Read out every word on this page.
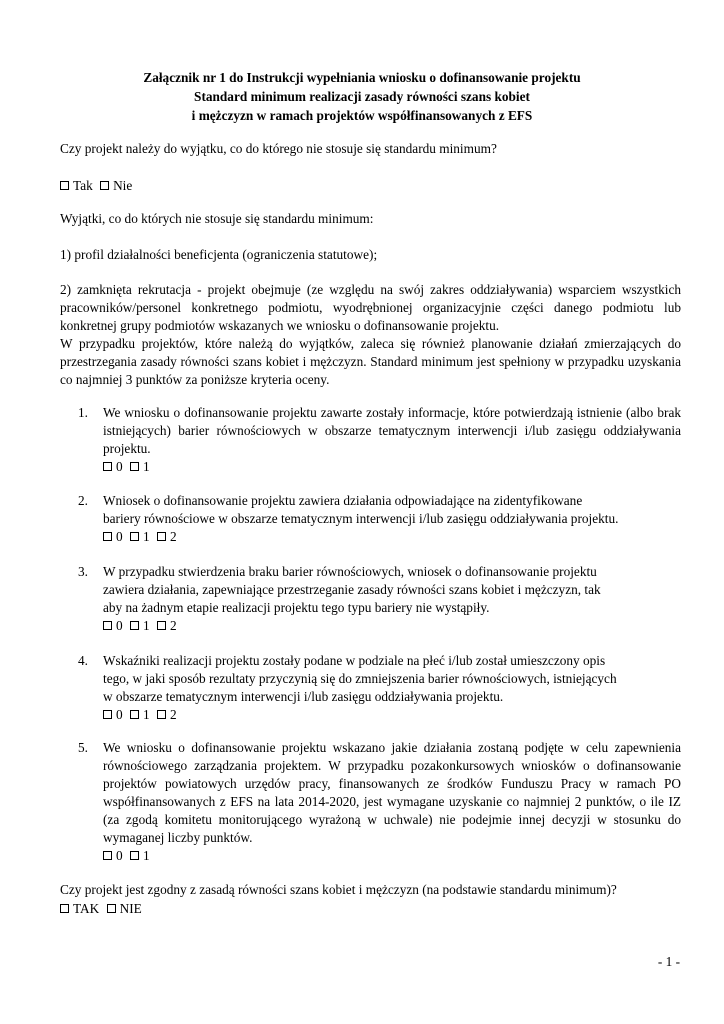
Załącznik nr 1 do Instrukcji wypełniania wniosku o dofinansowanie projektu
Standard minimum realizacji zasady równości szans kobiet
i mężczyzn w ramach projektów współfinansowanych z EFS
Czy projekt należy do wyjątku, co do którego nie stosuje się standardu minimum?
Tak Nie
Wyjątki, co do których nie stosuje się standardu minimum:
1) profil działalności beneficjenta (ograniczenia statutowe);
2) zamknięta rekrutacja - projekt obejmuje (ze względu na swój zakres oddziaływania) wsparciem wszystkich pracowników/personel konkretnego podmiotu, wyodrębnionej organizacyjnie części danego podmiotu lub konkretnej grupy podmiotów wskazanych we wniosku o dofinansowanie projektu.
W przypadku projektów, które należą do wyjątków, zaleca się również planowanie działań zmierzających do przestrzegania zasady równości szans kobiet i mężczyzn. Standard minimum jest spełniony w przypadku uzyskania co najmniej 3 punktów za poniższe kryteria oceny.
1.	We wniosku o dofinansowanie projektu zawarte zostały informacje, które potwierdzają istnienie (albo brak istniejących) barier równościowych w obszarze tematycznym interwencji i/lub zasięgu oddziaływania projektu.
0 1
2.	Wniosek o dofinansowanie projektu zawiera działania odpowiadające na zidentyfikowane
bariery równościowe w obszarze tematycznym interwencji i/lub zasięgu oddziaływania projektu.
0 1 2
3.	W przypadku stwierdzenia braku barier równościowych, wniosek o dofinansowanie projektu
zawiera działania, zapewniające przestrzeganie zasady równości szans kobiet i mężczyzn, tak
aby na żadnym etapie realizacji projektu tego typu bariery nie wystąpiły.
0 1 2
4.	Wskaźniki realizacji projektu zostały podane w podziale na płeć i/lub został umieszczony opis
tego, w jaki sposób rezultaty przyczynią się do zmniejszenia barier równościowych, istniejących
w obszarze tematycznym interwencji i/lub zasięgu oddziaływania projektu.
0 1 2
5.	We wniosku o dofinansowanie projektu wskazano jakie działania zostaną podjęte w celu zapewnienia równościowego zarządzania projektem. W przypadku pozakonkursowych wniosków o dofinansowanie projektów powiatowych urzędów pracy, finansowanych ze środków Funduszu Pracy w ramach PO współfinansowanych z EFS na lata 2014-2020, jest wymagane uzyskanie co najmniej 2 punktów, o ile IZ (za zgodą komitetu monitorującego wyrażoną w uchwale) nie podejmie innej decyzji w stosunku do wymaganej liczby punktów.
0 1
Czy projekt jest zgodny z zasadą równości szans kobiet i mężczyzn (na podstawie standardu minimum)?
TAK NIE
- 1 -
